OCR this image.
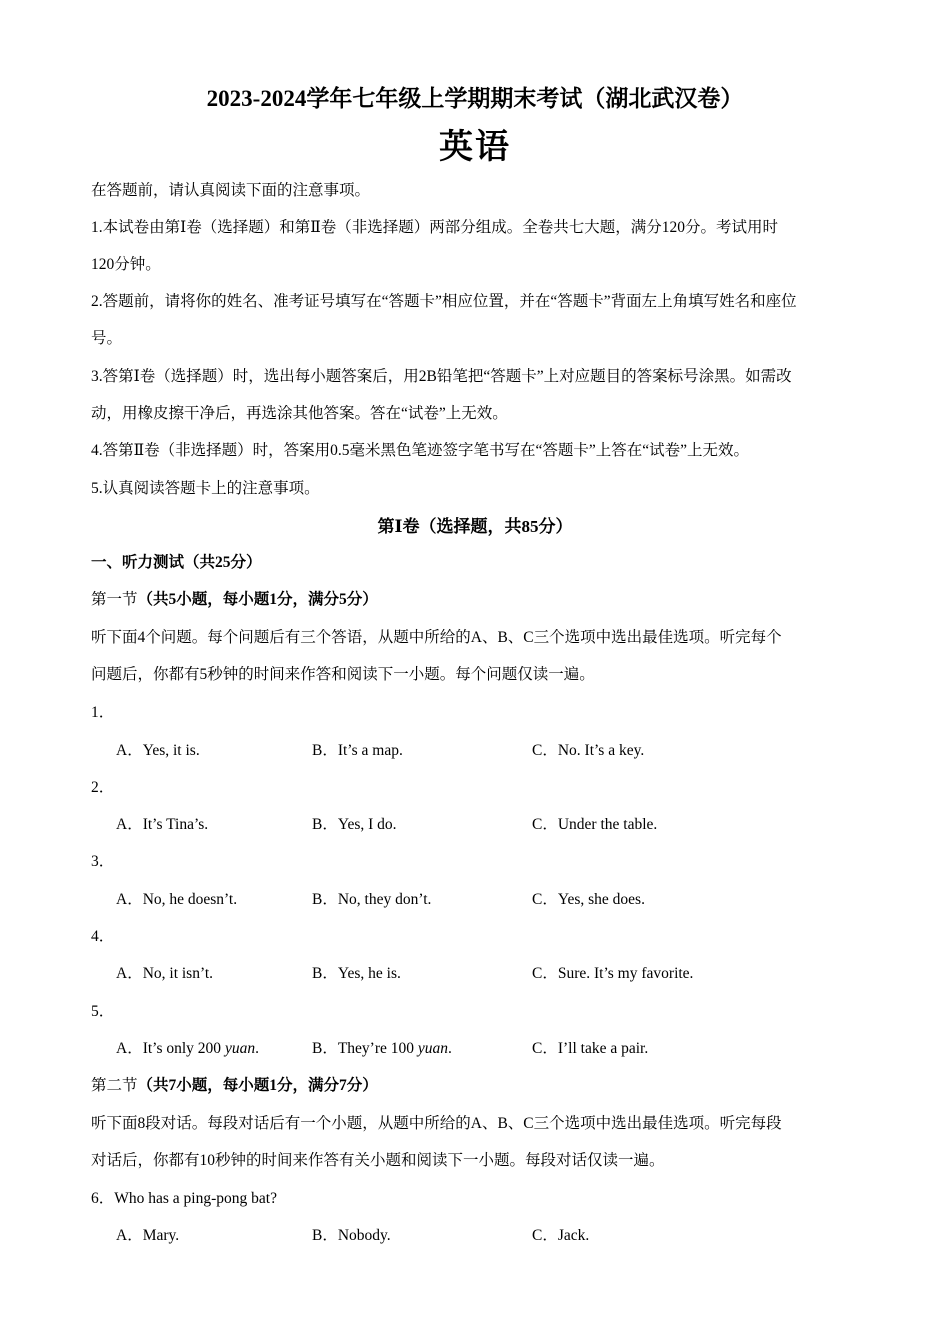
2023-2024学年七年级上学期期末考试（湖北武汉卷）
英语
在答题前，请认真阅读下面的注意事项。
1.本试卷由第Ⅰ卷（选择题）和第Ⅱ卷（非选择题）两部分组成。全卷共七大题，满分120分。考试用时
120分钟。
2.答题前，请将你的姓名、准考证号填写在“答题卡”相应位置，并在“答题卡”背面左上角填写姓名和座位
号。
3.答第Ⅰ卷（选择题）时，选出每小题答案后，用2B铅笔把“答题卡”上对应题目的答案标号涂黑。如需改
动，用橡皮擦干净后，再选涂其他答案。答在“试卷”上无效。
4.答第Ⅱ卷（非选择题）时，答案用0.5毫米黑色笔迹签字笔书写在“答题卡”上答在“试卷”上无效。
5.认真阅读答题卡上的注意事项。
第Ⅰ卷（选择题，共85分）
一、听力测试（共25分）
第一节（共5小题，每小题1分，满分5分）
听下面4个问题。每个问题后有三个答语，从题中所给的A、B、C三个选项中选出最佳选项。听完每个
问题后，你都有5秒钟的时间来作答和阅读下一小题。每个问题仅读一遍。
1．
A．Yes, it is.	B．It’s a map.	C．No. It’s a key.
2．
A．It’s Tina’s.	B．Yes, I do.	C．Under the table.
3．
A．No, he doesn’t.	B．No, they don’t.	C．Yes, she does.
4．
A．No, it isn’t.	B．Yes, he is.	C．Sure. It’s my favorite.
5．
A．It’s only 200 yuan.	B．They’re 100 yuan.	C．I’ll take a pair.
第二节（共7小题，每小题1分，满分7分）
听下面8段对话。每段对话后有一个小题，从题中所给的A、B、C三个选项中选出最佳选项。听完每段
对话后，你都有10秒钟的时间来作答有关小题和阅读下一小题。每段对话仅读一遍。
6．Who has a ping-pong bat?
A．Mary.	B．Nobody.	C．Jack.
